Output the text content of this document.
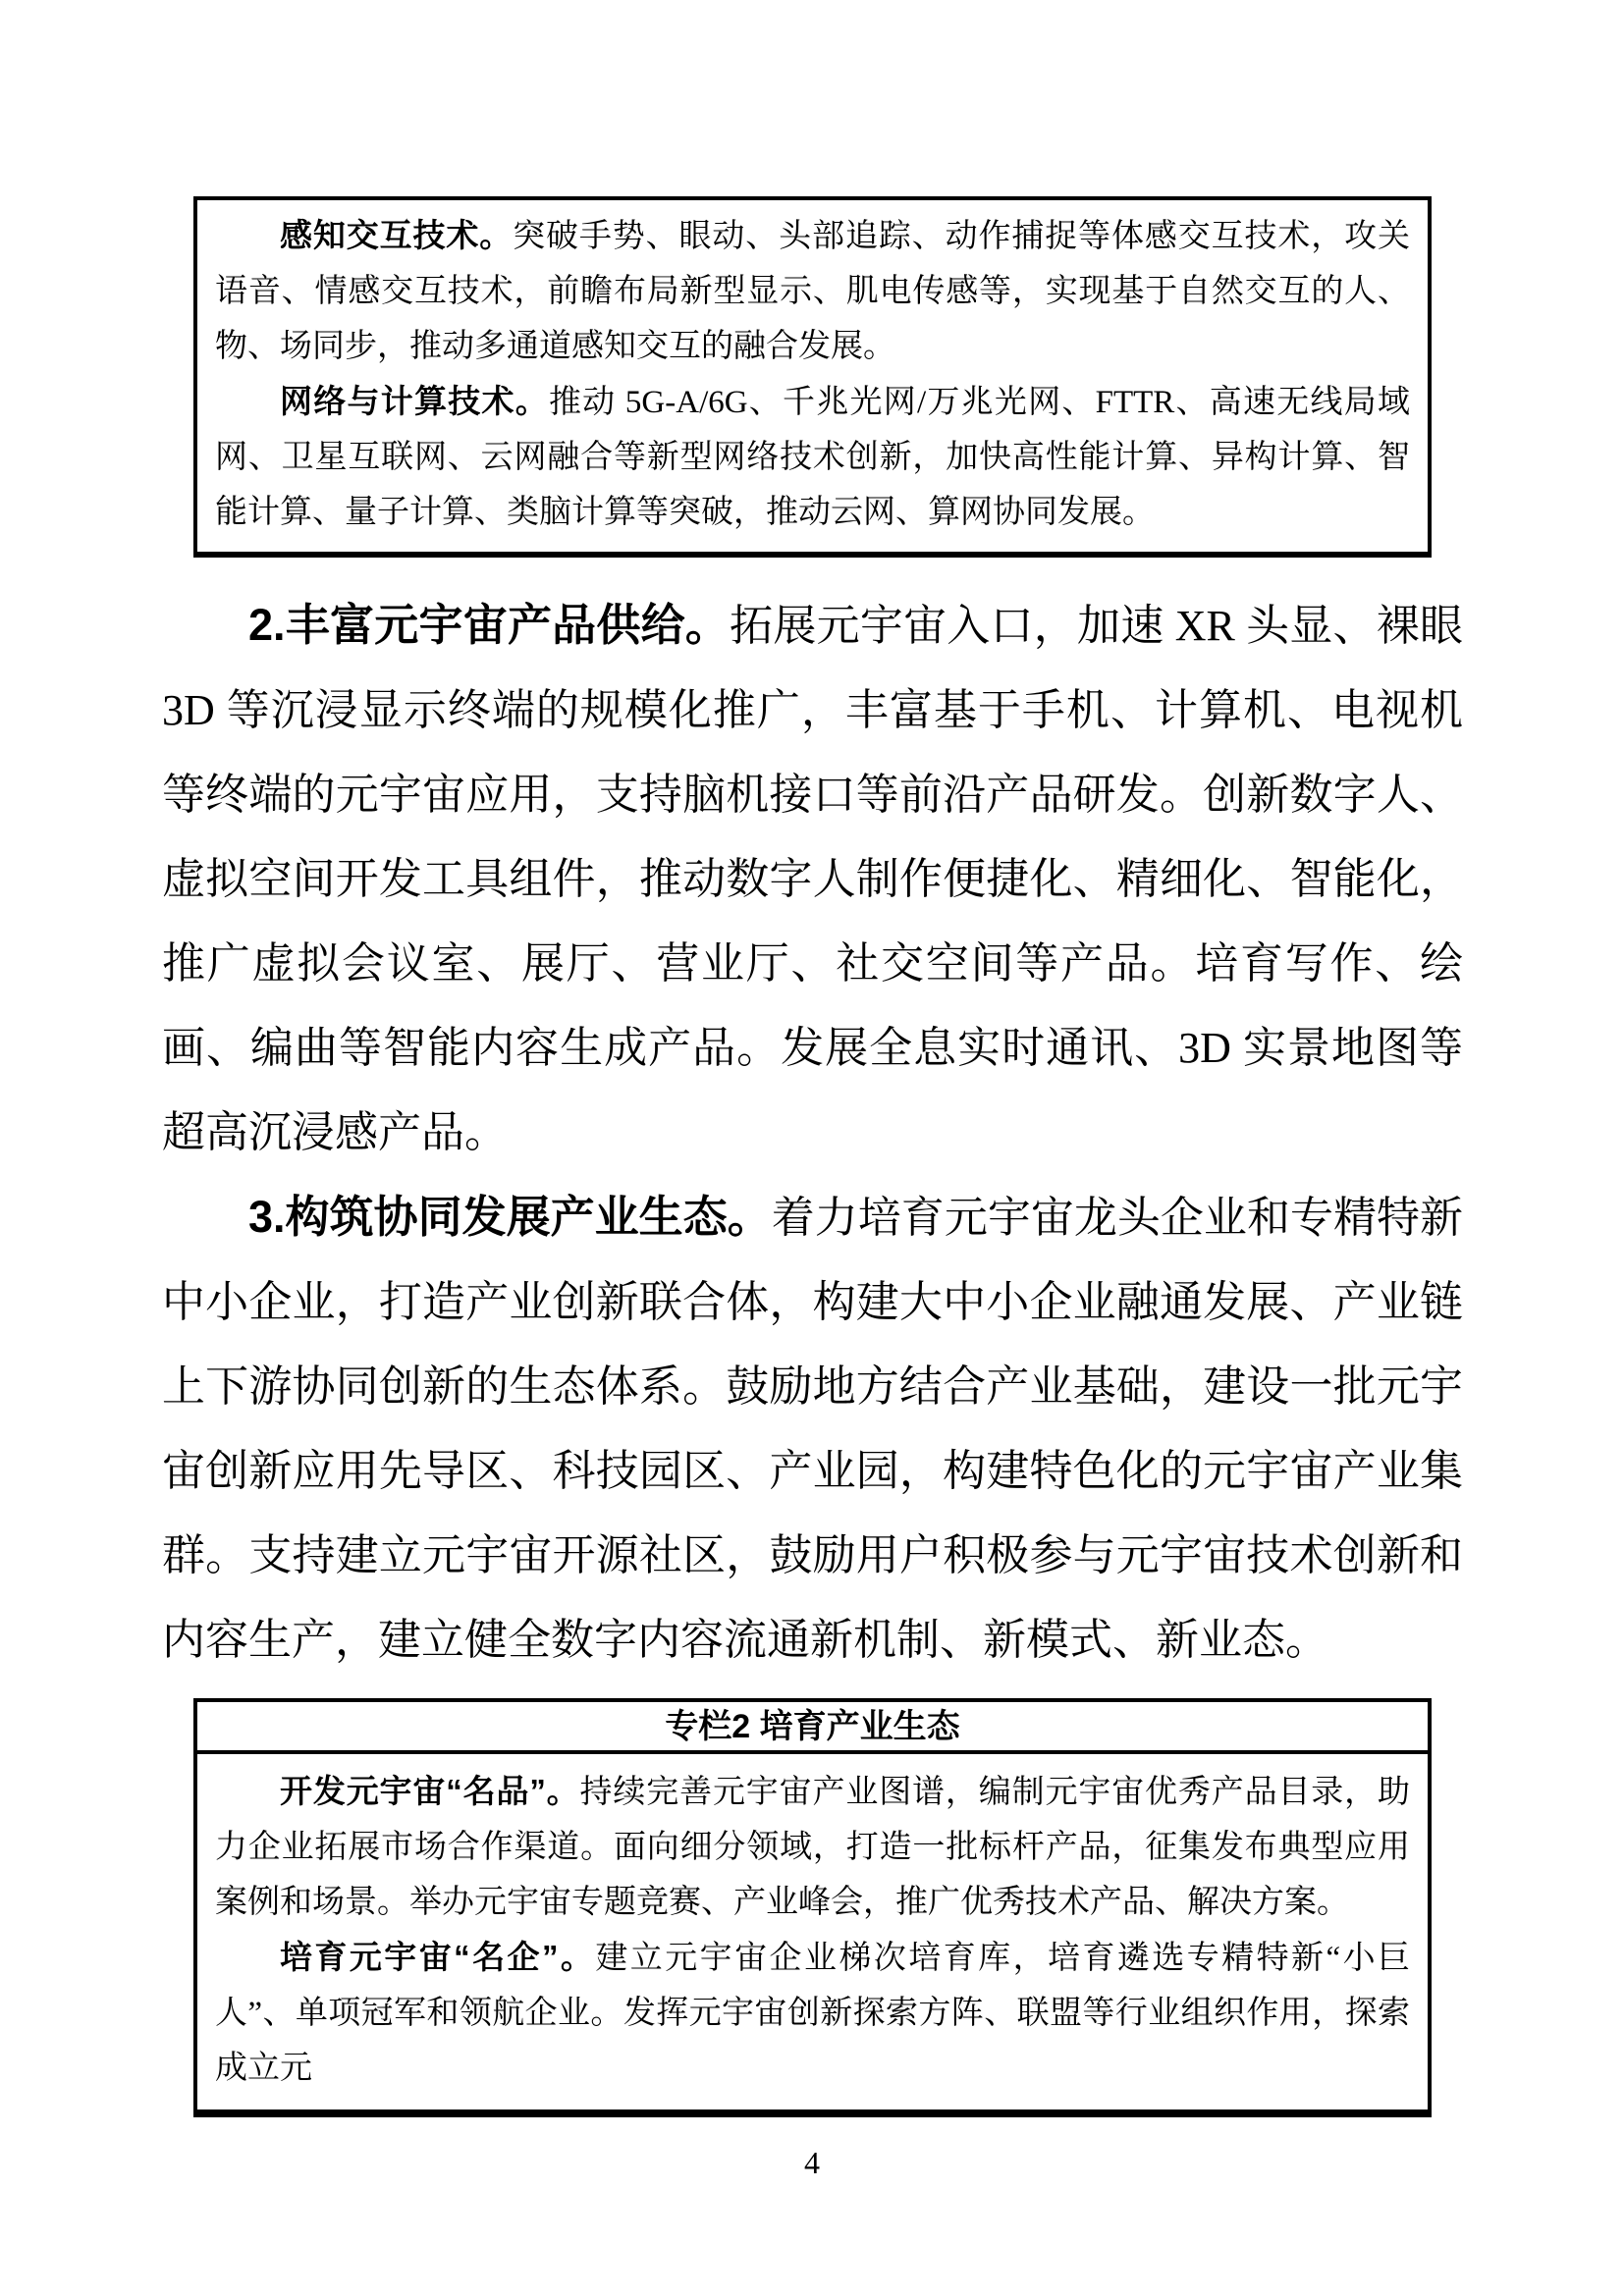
感知交互技术。突破手势、眼动、头部追踪、动作捕捉等体感交互技术，攻关语音、情感交互技术，前瞻布局新型显示、肌电传感等，实现基于自然交互的人、物、场同步，推动多通道感知交互的融合发展。

网络与计算技术。推动 5G-A/6G、千兆光网/万兆光网、FTTR、高速无线局域网、卫星互联网、云网融合等新型网络技术创新，加快高性能计算、异构计算、智能计算、量子计算、类脑计算等突破，推动云网、算网协同发展。

2.丰富元宇宙产品供给。拓展元宇宙入口，加速 XR 头显、裸眼 3D 等沉浸显示终端的规模化推广，丰富基于手机、计算机、电视机等终端的元宇宙应用，支持脑机接口等前沿产品研发。创新数字人、虚拟空间开发工具组件，推动数字人制作便捷化、精细化、智能化，推广虚拟会议室、展厅、营业厅、社交空间等产品。培育写作、绘画、编曲等智能内容生成产品。发展全息实时通讯、3D 实景地图等超高沉浸感产品。

3.构筑协同发展产业生态。着力培育元宇宙龙头企业和专精特新中小企业，打造产业创新联合体，构建大中小企业融通发展、产业链上下游协同创新的生态体系。鼓励地方结合产业基础，建设一批元宇宙创新应用先导区、科技园区、产业园，构建特色化的元宇宙产业集群。支持建立元宇宙开源社区，鼓励用户积极参与元宇宙技术创新和内容生产，建立健全数字内容流通新机制、新模式、新业态。

专栏2 培育产业生态

开发元宇宙“名品”。持续完善元宇宙产业图谱，编制元宇宙优秀产品目录，助力企业拓展市场合作渠道。面向细分领域，打造一批标杆产品，征集发布典型应用案例和场景。举办元宇宙专题竞赛、产业峰会，推广优秀技术产品、解决方案。

培育元宇宙“名企”。建立元宇宙企业梯次培育库，培育遴选专精特新“小巨人”、单项冠军和领航企业。发挥元宇宙创新探索方阵、联盟等行业组织作用，探索成立元

4
